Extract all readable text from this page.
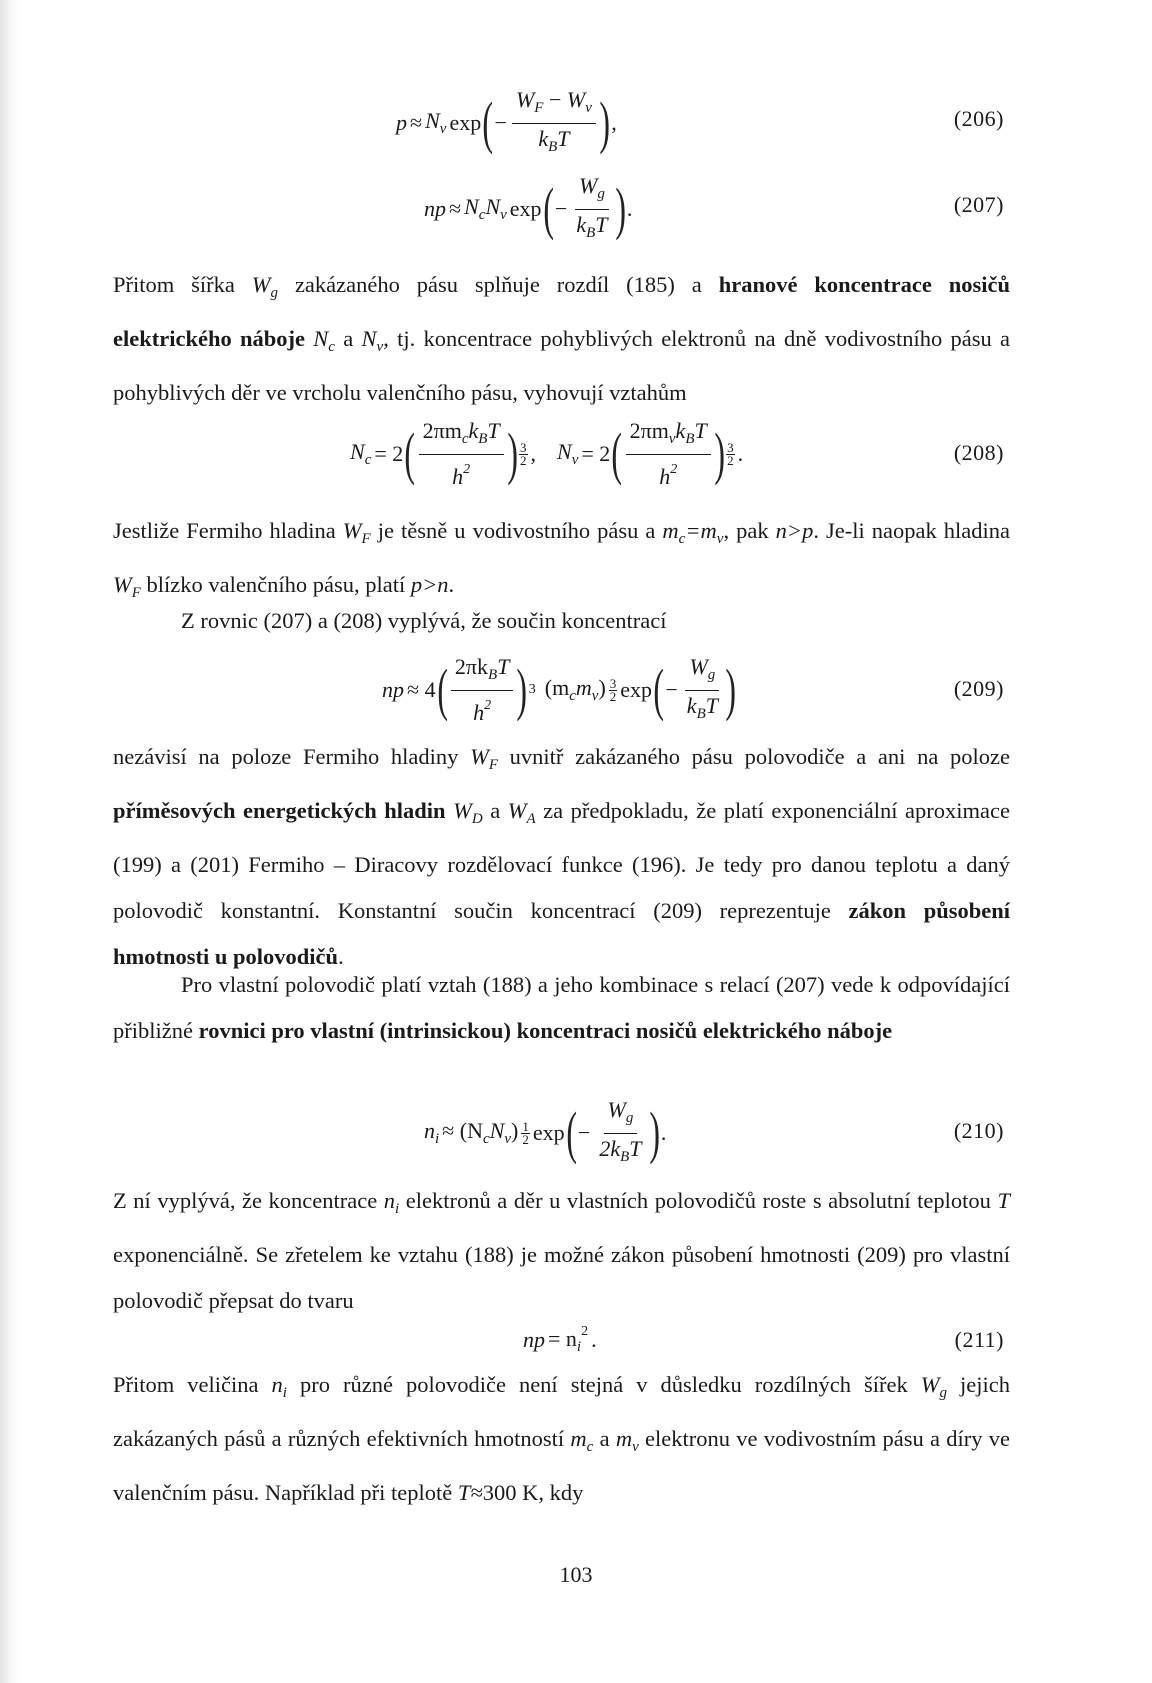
$p \approx N_v$ exp ( − $\frac{W_F - W_v}{k_BT}$ ) ,	(206)
np ≈ $N_cN_v$ exp ( − $\frac{W_g}{k_BT}$ ) .	(207)
Přitom šířka $W_g$ zakázaného pásu splňuje rozdíl (185) a hranové koncentrace nosičů elektrického náboje $N_c$ a $N_v$, tj. koncentrace pohyblivých elektronů na dně vodivostního pásu a pohyblivých děr ve vrcholu valenčního pásu, vyhovují vztahům
$N_c = 2$ ( $\frac{2\pi m_ck_BT}{h^2}$ ) $\frac{3}{2}$ , $N_v = 2$ ( $\frac{2\pi m_vk_BT}{h^2}$ ) $\frac{3}{2}$ .	(208)
Jestliže Fermiho hladina $W_F$ je těsně u vodivostního pásu a $m_c=m_v$, pak n>p. Je-li naopak hladina $W_F$ blízko valenčního pásu, platí p>n.
Z rovnic (207) a (208) vyplývá, že součin koncentrací
np ≈ 4 ( $\frac{2\pi k_BT}{h^2}$ ) 3 $(m_cm_v) \frac{3}{2}$ exp ( − $\frac{W_g}{k_BT}$ )	(209)
nezávisí na poloze Fermiho hladiny $W_F$ uvnitř zakázaného pásu polovodiče a ani na poloze příměsových energetických hladin $W_D$ a $W_A$ za předpokladu, že platí exponenciální aproximace (199) a (201) Fermiho – Diracovy rozdělovací funkce (196). Je tedy pro danou teplotu a daný polovodič konstantní. Konstantní součin koncentrací (209) reprezentuje zákon působení hmotnosti u polovodičů.
Pro vlastní polovodič platí vztah (188) a jeho kombinace s relací (207) vede k odpovídající přibližné rovnici pro vlastní (intrinsickou) koncentraci nosičů elektrického náboje
$n_i \approx (N_cN_v) \frac{1}{2}$ exp ( − $\frac{W_g}{2k_BT}$ ) .	(210)
Z ní vyplývá, že koncentrace $n_i$ elektronů a děr u vlastních polovodičů roste s absolutní teplotou T exponenciálně. Se zřetelem ke vztahu (188) je možné zákon působení hmotnosti (209) pro vlastní polovodič přepsat do tvaru
np = $n_i^2$ .	(211)
Přitom veličina $n_i$ pro různé polovodiče není stejná v důsledku rozdílných šířek $W_g$ jejich zakázaných pásů a různých efektivních hmotností $m_c$ a $m_v$ elektronu ve vodivostním pásu a díry ve valenčním pásu. Například při teplotě T≈300 K, kdy
103
